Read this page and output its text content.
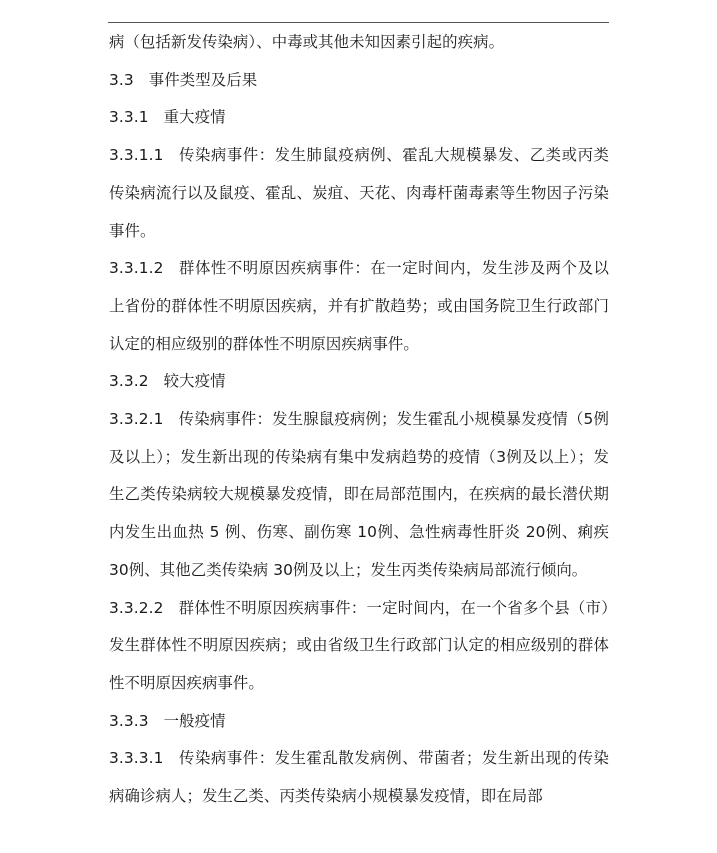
病（包括新发传染病）、中毒或其他未知因素引起的疾病。

3.3 事件类型及后果

3.3.1 重大疫情

3.3.1.1 传染病事件：发生肺鼠疫病例、霍乱大规模暴发、乙类或丙类传染病流行以及鼠疫、霍乱、炭疽、天花、肉毒杆菌毒素等生物因子污染事件。

3.3.1.2 群体性不明原因疾病事件：在一定时间内，发生涉及两个及以上省份的群体性不明原因疾病，并有扩散趋势；或由国务院卫生行政部门认定的相应级别的群体性不明原因疾病事件。

3.3.2 较大疫情

3.3.2.1 传染病事件：发生腺鼠疫病例；发生霍乱小规模暴发疫情（5例及以上）；发生新出现的传染病有集中发病趋势的疫情（3例及以上）；发生乙类传染病较大规模暴发疫情，即在局部范围内，在疾病的最长潜伏期内发生出血热 5 例、伤寒、副伤寒 10例、急性病毒性肝炎 20例、痢疾 30例、其他乙类传染病 30例及以上；发生丙类传染病局部流行倾向。

3.3.2.2 群体性不明原因疾病事件：一定时间内，在一个省多个县（市）发生群体性不明原因疾病；或由省级卫生行政部门认定的相应级别的群体性不明原因疾病事件。

3.3.3 一般疫情

3.3.3.1 传染病事件：发生霍乱散发病例、带菌者；发生新出现的传染病确诊病人；发生乙类、丙类传染病小规模暴发疫情，即在局部
